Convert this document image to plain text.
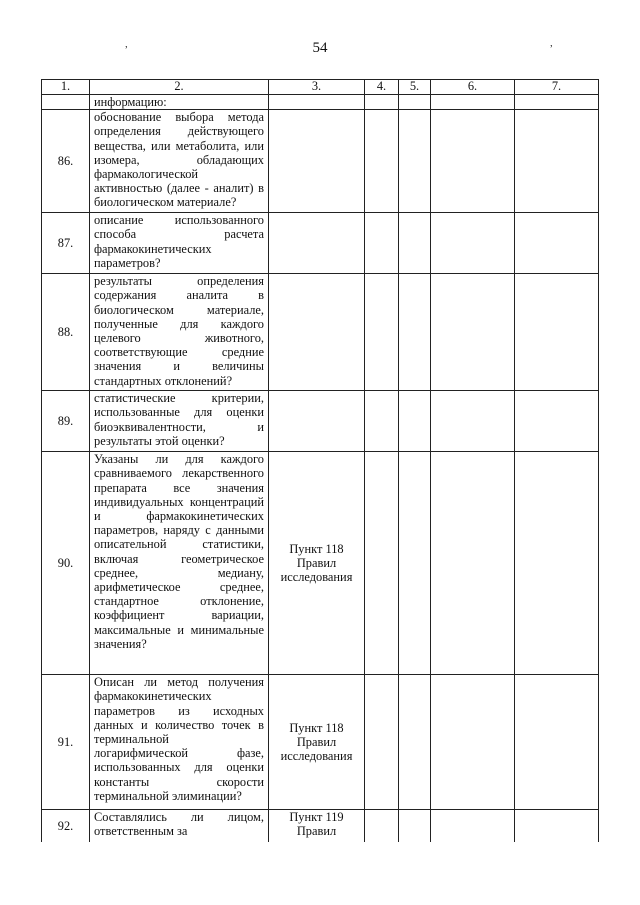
54
,	,
1.	2.	3.	4.	5.	6.	7.
	информацию:					
86.	обоснование выбора метода определения действующего вещества, или метаболита, или изомера, обладающих фармакологической активностью (далее - аналит) в биологическом материале?					
87.	описание использованного способа расчета фармакокинетических параметров?					
88.	результаты определения содержания аналита в биологическом материале, полученные для каждого целевого животного, соответствующие средние значения и величины стандартных отклонений?					
89.	статистические критерии, использованные для оценки биоэквивалентности, и результаты этой оценки?					
90.	Указаны ли для каждого сравниваемого лекарственного препарата все значения индивидуальных концентраций и фармакокинетических параметров, наряду с данными описательной статистики, включая геометрическое среднее, медиану, арифметическое среднее, стандартное отклонение, коэффициент вариации, максимальные и минимальные значения?	Пункт 118 Правил исследования				
91.	Описан ли метод получения фармакокинетических параметров из исходных данных и количество точек в терминальной логарифмической фазе, использованных для оценки константы скорости терминальной элиминации?	Пункт 118 Правил исследования				
92.	Составлялись ли лицом, ответственным за	Пункт 119 Правил				
